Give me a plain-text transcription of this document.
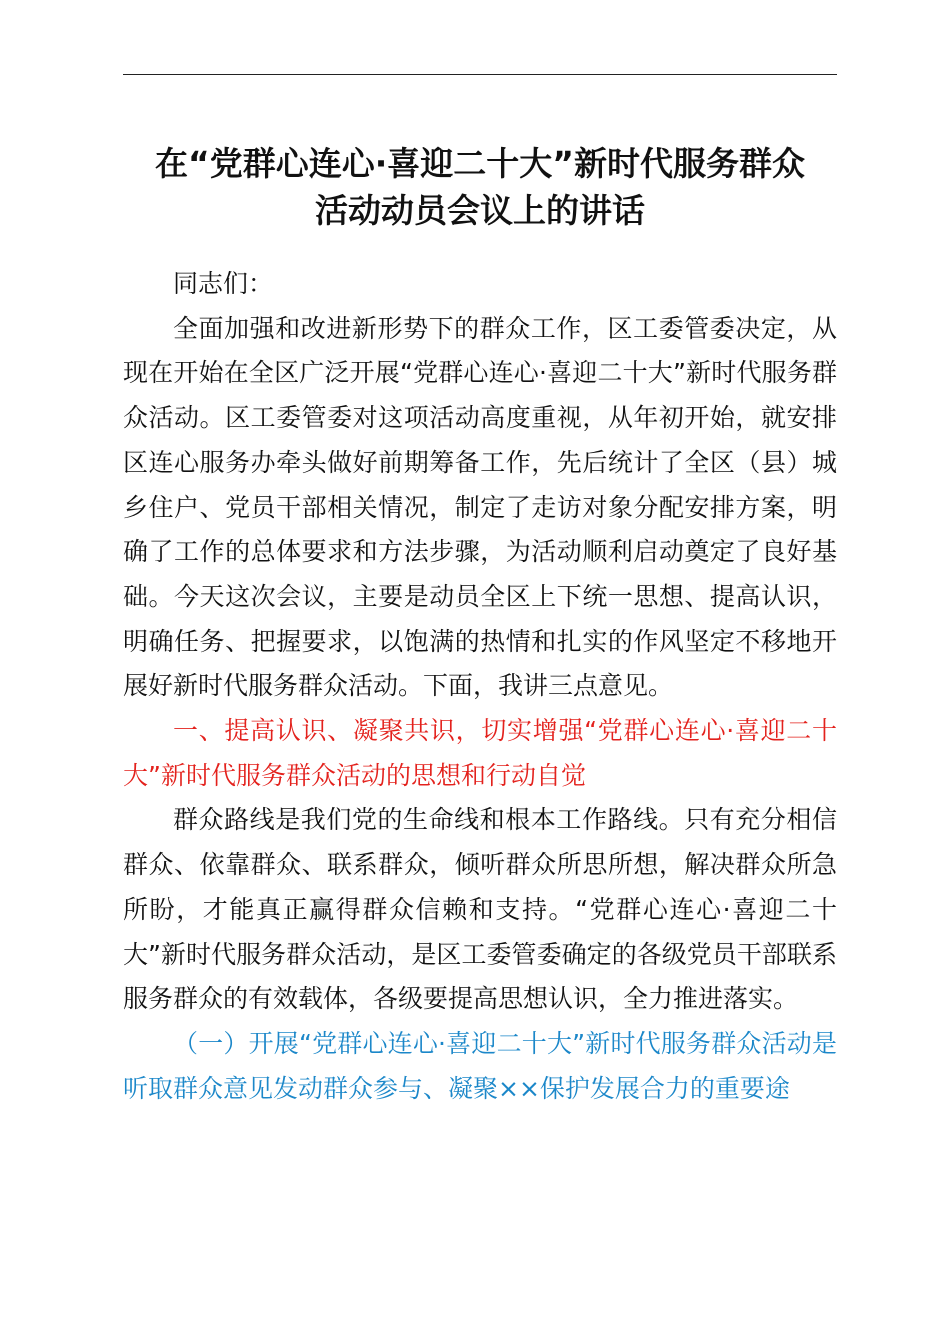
在“党群心连心·喜迎二十大”新时代服务群众
活动动员会议上的讲话

同志们：

全面加强和改进新形势下的群众工作，区工委管委决定，从现在开始在全区广泛开展“党群心连心·喜迎二十大”新时代服务群众活动。区工委管委对这项活动高度重视，从年初开始，就安排区连心服务办牵头做好前期筹备工作，先后统计了全区（县）城乡住户、党员干部相关情况，制定了走访对象分配安排方案，明确了工作的总体要求和方法步骤，为活动顺利启动奠定了良好基础。今天这次会议，主要是动员全区上下统一思想、提高认识，明确任务、把握要求，以饱满的热情和扎实的作风坚定不移地开展好新时代服务群众活动。下面，我讲三点意见。

一、提高认识、凝聚共识，切实增强“党群心连心·喜迎二十大”新时代服务群众活动的思想和行动自觉

群众路线是我们党的生命线和根本工作路线。只有充分相信群众、依靠群众、联系群众，倾听群众所思所想，解决群众所急所盼，才能真正赢得群众信赖和支持。“党群心连心·喜迎二十大”新时代服务群众活动，是区工委管委确定的各级党员干部联系服务群众的有效载体，各级要提高思想认识，全力推进落实。

（一）开展“党群心连心·喜迎二十大”新时代服务群众活动是听取群众意见发动群众参与、凝聚××保护发展合力的重要途
